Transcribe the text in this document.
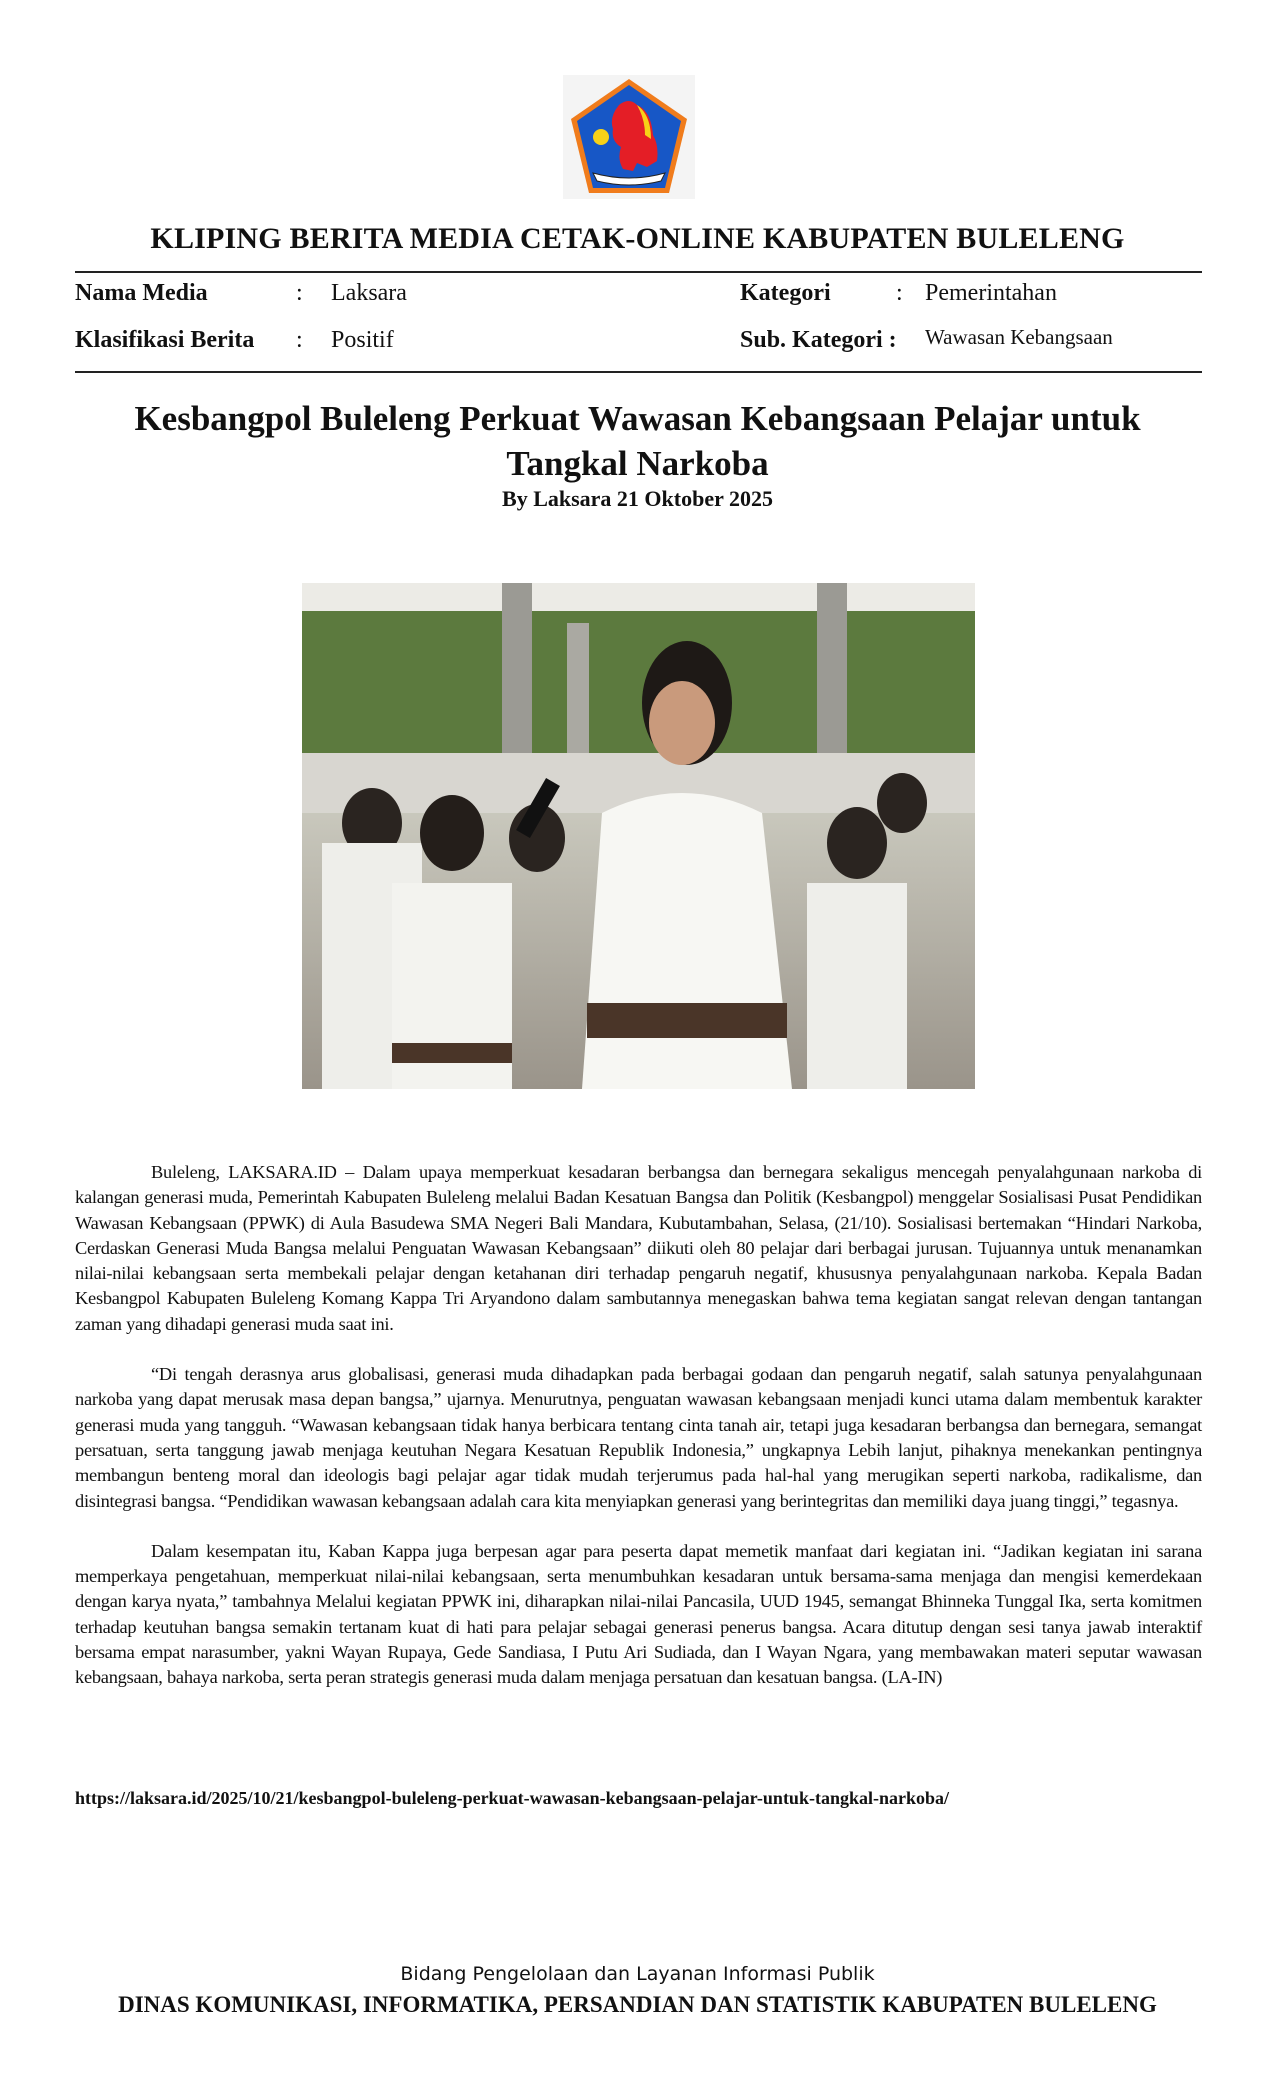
KLIPING BERITA MEDIA CETAK-ONLINE KABUPATEN BULELENG
Nama Media	: Laksara	Kategori	: Pemerintahan
Klasifikasi Berita : Positif	Sub. Kategori : Wawasan Kebangsaan
Kesbangpol Buleleng Perkuat Wawasan Kebangsaan Pelajar untuk Tangkal Narkoba
By Laksara 21 Oktober 2025

Buleleng, LAKSARA.ID – Dalam upaya memperkuat kesadaran berbangsa dan bernegara sekaligus mencegah penyalahgunaan narkoba di kalangan generasi muda, Pemerintah Kabupaten Buleleng melalui Badan Kesatuan Bangsa dan Politik (Kesbangpol) menggelar Sosialisasi Pusat Pendidikan Wawasan Kebangsaan (PPWK) di Aula Basudewa SMA Negeri Bali Mandara, Kubutambahan, Selasa, (21/10). Sosialisasi bertemakan “Hindari Narkoba, Cerdaskan Generasi Muda Bangsa melalui Penguatan Wawasan Kebangsaan” diikuti oleh 80 pelajar dari berbagai jurusan. Tujuannya untuk menanamkan nilai-nilai kebangsaan serta membekali pelajar dengan ketahanan diri terhadap pengaruh negatif, khususnya penyalahgunaan narkoba. Kepala Badan Kesbangpol Kabupaten Buleleng Komang Kappa Tri Aryandono dalam sambutannya menegaskan bahwa tema kegiatan sangat relevan dengan tantangan zaman yang dihadapi generasi muda saat ini.

“Di tengah derasnya arus globalisasi, generasi muda dihadapkan pada berbagai godaan dan pengaruh negatif, salah satunya penyalahgunaan narkoba yang dapat merusak masa depan bangsa,” ujarnya. Menurutnya, penguatan wawasan kebangsaan menjadi kunci utama dalam membentuk karakter generasi muda yang tangguh. “Wawasan kebangsaan tidak hanya berbicara tentang cinta tanah air, tetapi juga kesadaran berbangsa dan bernegara, semangat persatuan, serta tanggung jawab menjaga keutuhan Negara Kesatuan Republik Indonesia,” ungkapnya Lebih lanjut, pihaknya menekankan pentingnya membangun benteng moral dan ideologis bagi pelajar agar tidak mudah terjerumus pada hal-hal yang merugikan seperti narkoba, radikalisme, dan disintegrasi bangsa. “Pendidikan wawasan kebangsaan adalah cara kita menyiapkan generasi yang berintegritas dan memiliki daya juang tinggi,” tegasnya.

Dalam kesempatan itu, Kaban Kappa juga berpesan agar para peserta dapat memetik manfaat dari kegiatan ini. “Jadikan kegiatan ini sarana memperkaya pengetahuan, memperkuat nilai-nilai kebangsaan, serta menumbuhkan kesadaran untuk bersama-sama menjaga dan mengisi kemerdekaan dengan karya nyata,” tambahnya Melalui kegiatan PPWK ini, diharapkan nilai-nilai Pancasila, UUD 1945, semangat Bhinneka Tunggal Ika, serta komitmen terhadap keutuhan bangsa semakin tertanam kuat di hati para pelajar sebagai generasi penerus bangsa. Acara ditutup dengan sesi tanya jawab interaktif bersama empat narasumber, yakni Wayan Rupaya, Gede Sandiasa, I Putu Ari Sudiada, dan I Wayan Ngara, yang membawakan materi seputar wawasan kebangsaan, bahaya narkoba, serta peran strategis generasi muda dalam menjaga persatuan dan kesatuan bangsa. (LA-IN)

https://laksara.id/2025/10/21/kesbangpol-buleleng-perkuat-wawasan-kebangsaan-pelajar-untuk-tangkal-narkoba/
Bidang Pengelolaan dan Layanan Informasi Publik
DINAS KOMUNIKASI, INFORMATIKA, PERSANDIAN DAN STATISTIK KABUPATEN BULELENG
